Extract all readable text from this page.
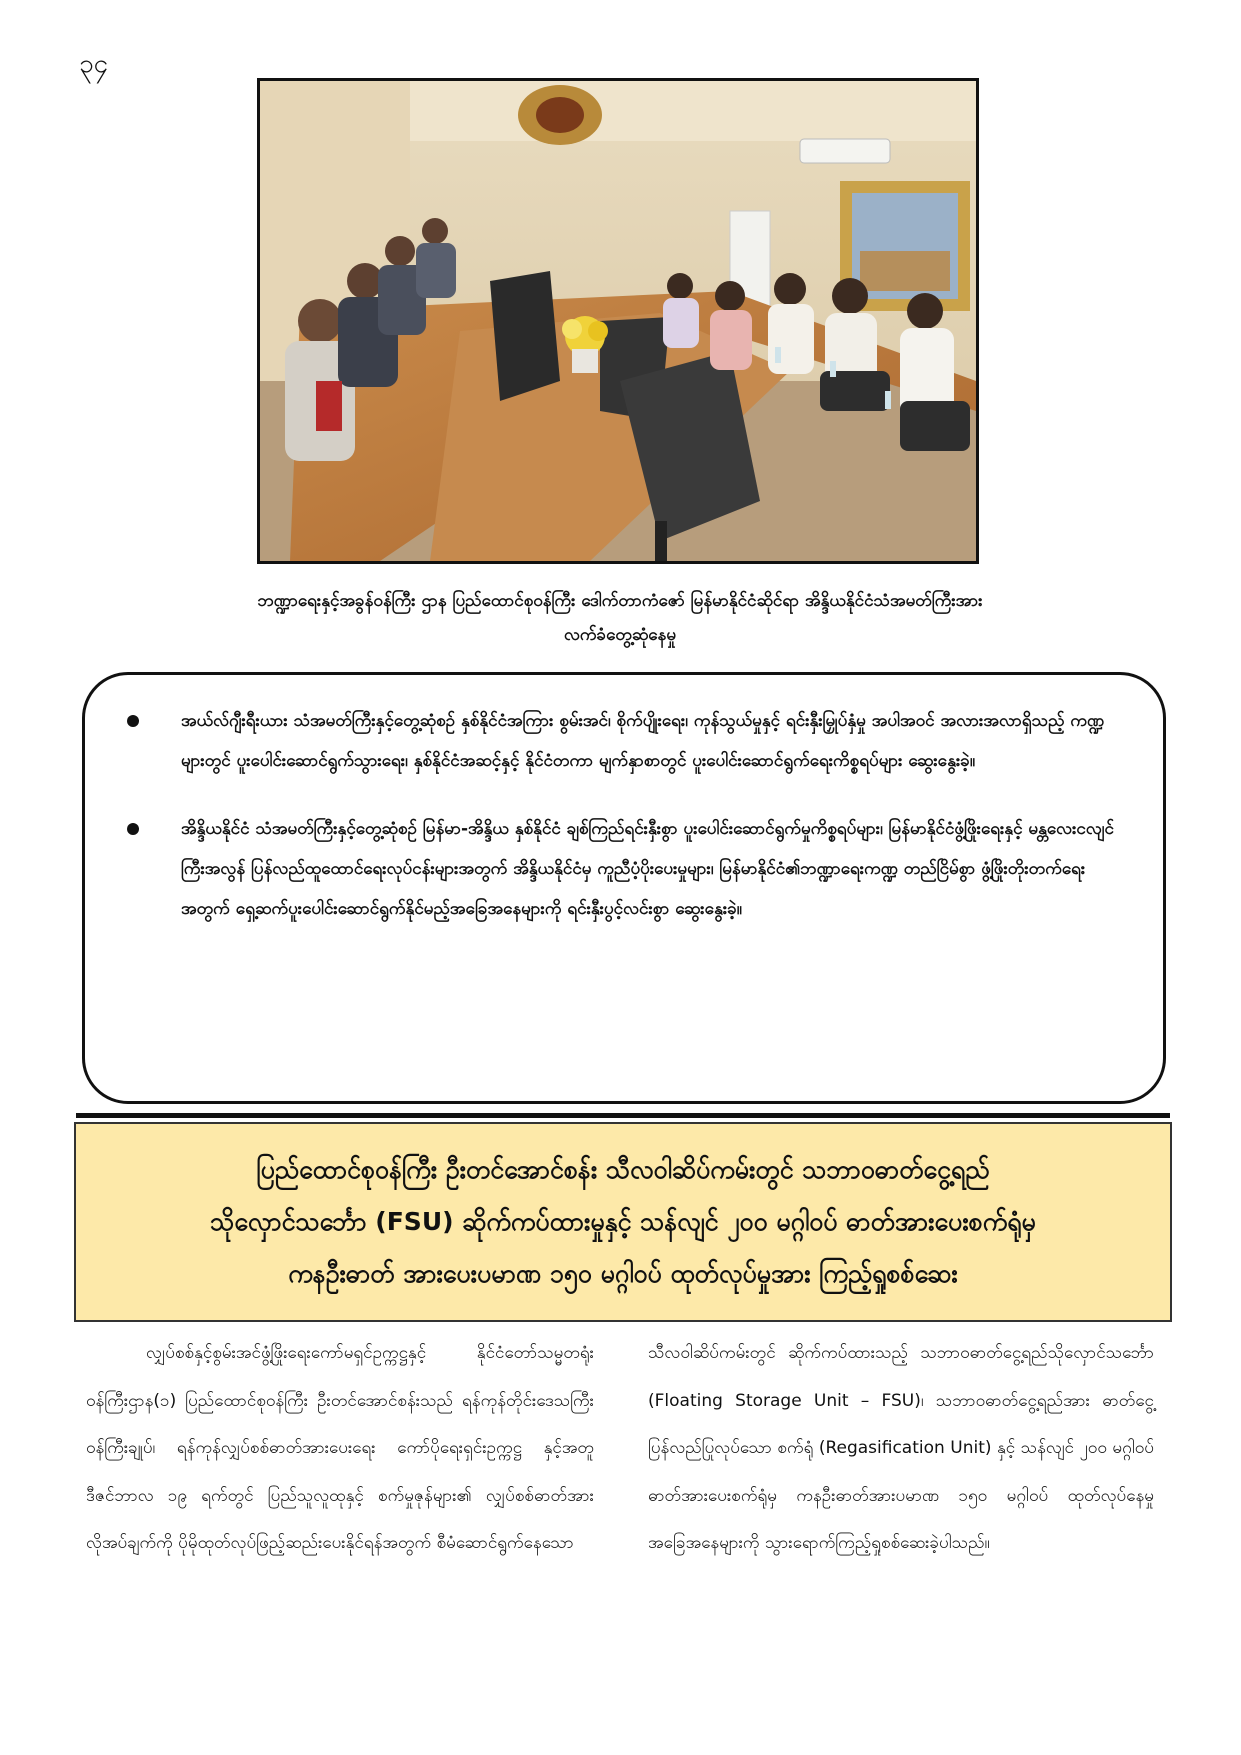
၃၄
ဘဏ္ဍာရေးနှင့်အခွန်ဝန်ကြီး ဌာန ပြည်ထောင်စုဝန်ကြီး ဒေါက်တာကံဇော် မြန်မာနိုင်ငံဆိုင်ရာ အိန္ဒိယနိုင်ငံသံအမတ်ကြီးအား
လက်ခံတွေ့ဆုံနေမှု
အယ်လ်ဂျီးရီးယား သံအမတ်ကြီးနှင့်တွေ့ဆုံစဉ် နှစ်နိုင်ငံအကြား စွမ်းအင်၊ စိုက်ပျိုးရေး၊ ကုန်သွယ်မှုနှင့် ရင်းနှီးမြှုပ်နှံမှု အပါအဝင် အလားအလာရှိသည့် ကဏ္ဍများတွင် ပူးပေါင်းဆောင်ရွက်သွားရေး၊ နှစ်နိုင်ငံအဆင့်နှင့် နိုင်ငံတကာ မျက်နှာစာတွင် ပူးပေါင်းဆောင်ရွက်ရေးကိစ္စရပ်များ ဆွေးနွေးခဲ့။
အိန္ဒိယနိုင်ငံ သံအမတ်ကြီးနှင့်တွေ့ဆုံစဉ် မြန်မာ-အိန္ဒိယ နှစ်နိုင်ငံ ချစ်ကြည်ရင်းနှီးစွာ ပူးပေါင်းဆောင်ရွက်မှုကိစ္စရပ်များ၊ မြန်မာနိုင်ငံဖွံ့ဖြိုးရေးနှင့် မန္တလေးငလျင်ကြီးအလွန် ပြန်လည်ထူထောင်ရေးလုပ်ငန်းများအတွက် အိန္ဒိယနိုင်ငံမှ ကူညီပံ့ပိုးပေးမှုများ၊ မြန်မာနိုင်ငံ၏ဘဏ္ဍာရေးကဏ္ဍ တည်ငြိမ်စွာ ဖွံ့ဖြိုးတိုးတက်ရေးအတွက် ရှေ့ဆက်ပူးပေါင်းဆောင်ရွက်နိုင်မည့်အခြေအနေများကို ရင်းနှီးပွင့်လင်းစွာ ဆွေးနွေးခဲ့။
ပြည်ထောင်စုဝန်ကြီး ဦးတင်အောင်စန်း သီလဝါဆိပ်ကမ်းတွင် သဘာဝဓာတ်ငွေ့ရည်
သိုလှောင်သင်္ဘော (FSU) ဆိုက်ကပ်ထားမှုနှင့် သန်လျင် ၂၀၀ မဂ္ဂါဝပ် ဓာတ်အားပေးစက်ရုံမှ
ကနဦးဓာတ် အားပေးပမာဏ ၁၅၀ မဂ္ဂါဝပ် ထုတ်လုပ်မှုအား ကြည့်ရှုစစ်ဆေး

လျှပ်စစ်နှင့်စွမ်းအင်ဖွံ့ဖြိုးရေးကော်မရှင်ဥက္ကဋ္ဌနှင့် နိုင်ငံတော်သမ္မတရုံးဝန်ကြီးဌာန(၁) ပြည်ထောင်စုဝန်ကြီး ဦးတင်အောင်စန်းသည် ရန်ကုန်တိုင်းဒေသကြီး ဝန်ကြီးချုပ်၊ ရန်ကုန်လျှပ်စစ်ဓာတ်အားပေးရေး ကော်ပိုရေးရှင်းဥက္ကဋ္ဌ နှင့်အတူ ဒီဇင်ဘာလ ၁၉ ရက်တွင် ပြည်သူလူထုနှင့် စက်မှုဇုန်များ၏ လျှပ်စစ်ဓာတ်အားလိုအပ်ချက်ကို ပိုမိုထုတ်လုပ်ဖြည့်ဆည်းပေးနိုင်ရန်အတွက် စီမံဆောင်ရွက်နေသော

သီလဝါဆိပ်ကမ်းတွင် ဆိုက်ကပ်ထားသည့် သဘာဝဓာတ်ငွေ့ရည်သိုလှောင်သင်္ဘော (Floating Storage Unit – FSU)၊ သဘာဝဓာတ်ငွေ့ရည်အား ဓာတ်ငွေ့ပြန်လည်ပြုလုပ်သော စက်ရုံ (Regasification Unit) နှင့် သန်လျင် ၂၀၀ မဂ္ဂါဝပ်ဓာတ်အားပေးစက်ရုံမှ ကနဦးဓာတ်အားပမာဏ ၁၅၀ မဂ္ဂါဝပ် ထုတ်လုပ်နေမှုအခြေအနေများကို သွားရောက်ကြည့်ရှုစစ်ဆေးခဲ့ပါသည်။
